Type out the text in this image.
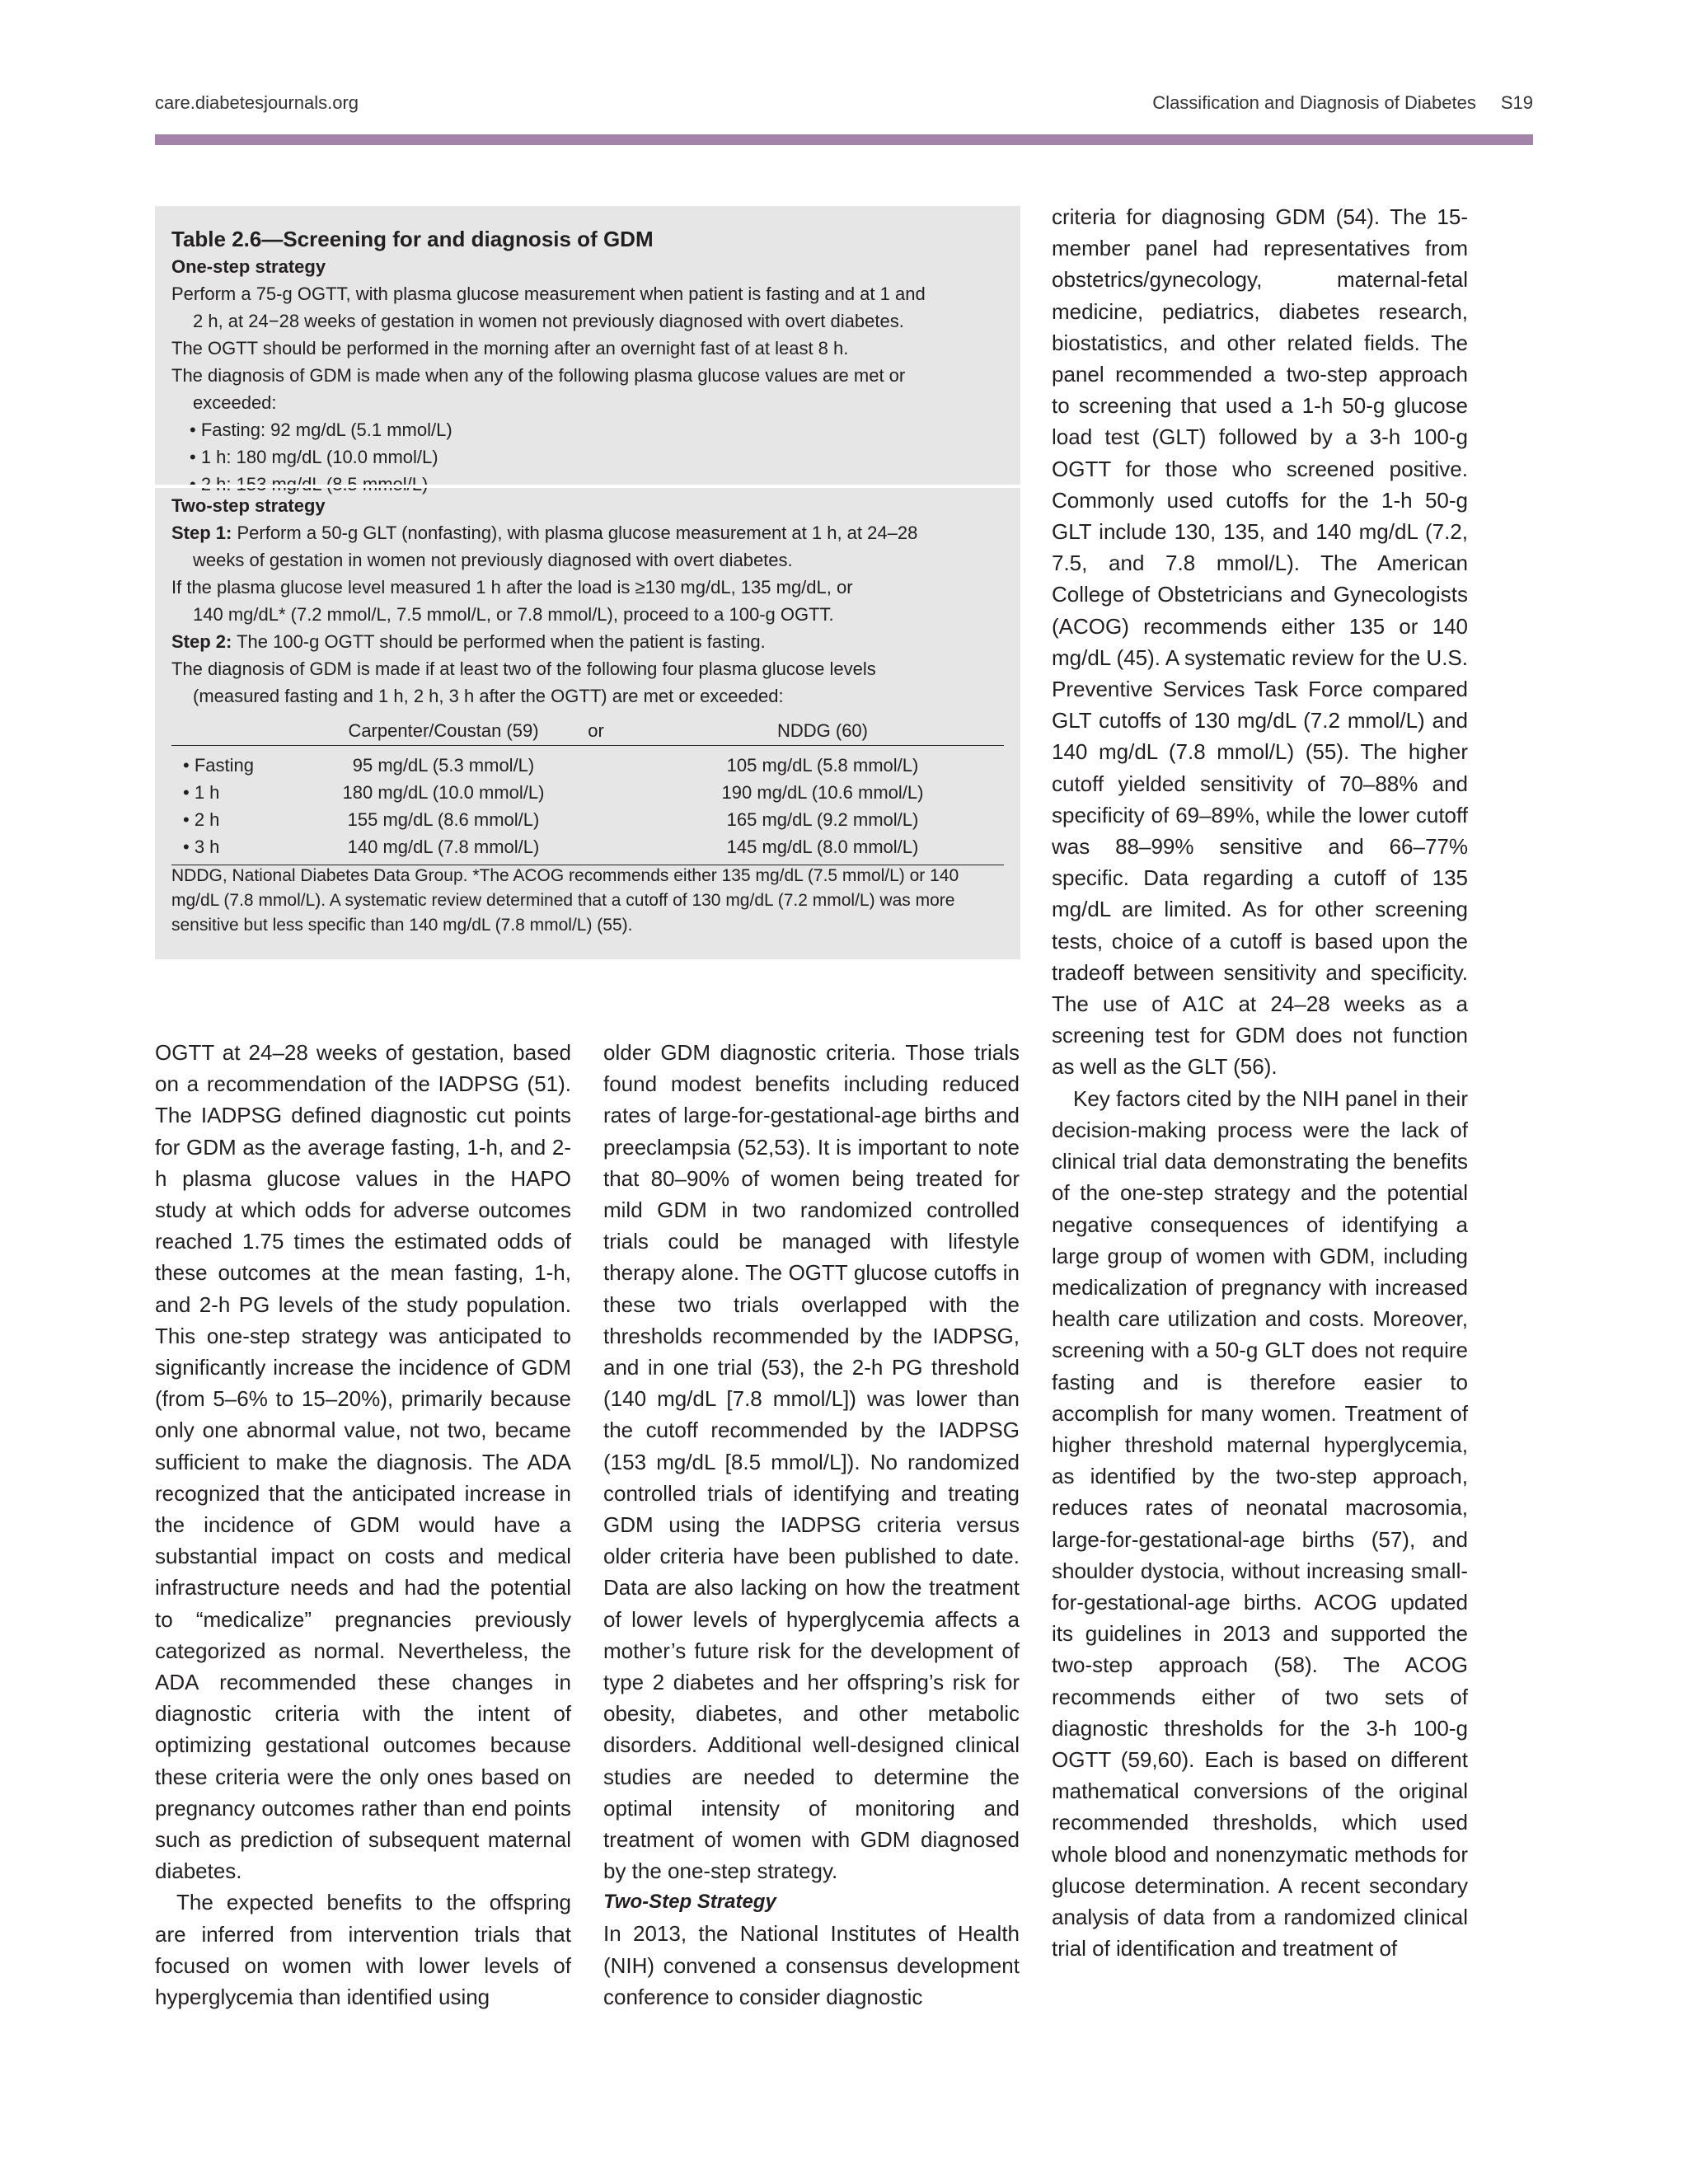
care.diabetesjournals.org	Classification and Diagnosis of Diabetes S19
Table 2.6—Screening for and diagnosis of GDM
One-step strategy
Perform a 75-g OGTT, with plasma glucose measurement when patient is fasting and at 1 and
2 h, at 24−28 weeks of gestation in women not previously diagnosed with overt diabetes.
The OGTT should be performed in the morning after an overnight fast of at least 8 h.
The diagnosis of GDM is made when any of the following plasma glucose values are met or
exceeded:
• Fasting: 92 mg/dL (5.1 mmol/L)
• 1 h: 180 mg/dL (10.0 mmol/L)
Two-step strategy
Step 1: Perform a 50-g GLT (nonfasting), with plasma glucose measurement at 1 h, at 24–28
weeks of gestation in women not previously diagnosed with overt diabetes.
If the plasma glucose level measured 1 h after the load is ≥130 mg/dL, 135 mg/dL, or
140 mg/dL* (7.2 mmol/L, 7.5 mmol/L, or 7.8 mmol/L), proceed to a 100-g OGTT.
Step 2: The 100-g OGTT should be performed when the patient is fasting.
The diagnosis of GDM is made if at least two of the following four plasma glucose levels
(measured fasting and 1 h, 2 h, 3 h after the OGTT) are met or exceeded:
	Carpenter/Coustan (59)	or	NDDG (60)
• Fasting	95 mg/dL (5.3 mmol/L)		105 mg/dL (5.8 mmol/L)
• 1 h	180 mg/dL (10.0 mmol/L)		190 mg/dL (10.6 mmol/L)
• 2 h	155 mg/dL (8.6 mmol/L)		165 mg/dL (9.2 mmol/L)
• 3 h	140 mg/dL (7.8 mmol/L)		145 mg/dL (8.0 mmol/L)
NDDG, National Diabetes Data Group. *The ACOG recommends either 135 mg/dL (7.5 mmol/L) or 140 mg/dL (7.8 mmol/L). A systematic review determined that a cutoff of 130 mg/dL (7.2 mmol/L) was more sensitive but less specific than 140 mg/dL (7.8 mmol/L) (55).

OGTT at 24–28 weeks of gestation, based on a recommendation of the IADPSG (51). The IADPSG defined diagnostic cut points for GDM as the average fasting, 1-h, and 2-h plasma glucose values in the HAPO study at which odds for adverse outcomes reached 1.75 times the estimated odds of these outcomes at the mean fasting, 1-h, and 2-h PG levels of the study population. This one-step strategy was anticipated to significantly increase the incidence of GDM (from 5–6% to 15–20%), primarily because only one abnormal value, not two, became sufficient to make the diagnosis. The ADA recognized that the anticipated increase in the incidence of GDM would have a substantial impact on costs and medical infrastructure needs and had the potential to “medicalize” pregnancies previously categorized as normal. Nevertheless, the ADA recommended these changes in diagnostic criteria with the intent of optimizing gestational outcomes because these criteria were the only ones based on pregnancy outcomes rather than end points such as prediction of subsequent maternal diabetes.

The expected benefits to the offspring are inferred from intervention trials that focused on women with lower levels of hyperglycemia than identified using

older GDM diagnostic criteria. Those trials found modest benefits including reduced rates of large-for-gestational-age births and preeclampsia (52,53). It is important to note that 80–90% of women being treated for mild GDM in two randomized controlled trials could be managed with lifestyle therapy alone. The OGTT glucose cutoffs in these two trials overlapped with the thresholds recommended by the IADPSG, and in one trial (53), the 2-h PG threshold (140 mg/dL [7.8 mmol/L]) was lower than the cutoff recommended by the IADPSG (153 mg/dL [8.5 mmol/L]). No randomized controlled trials of identifying and treating GDM using the IADPSG criteria versus older criteria have been published to date. Data are also lacking on how the treatment of lower levels of hyperglycemia affects a mother’s future risk for the development of type 2 diabetes and her offspring’s risk for obesity, diabetes, and other metabolic disorders. Additional well-designed clinical studies are needed to determine the optimal intensity of monitoring and treatment of women with GDM diagnosed by the one-step strategy.

Two-Step Strategy

In 2013, the National Institutes of Health (NIH) convened a consensus development conference to consider diagnostic

criteria for diagnosing GDM (54). The 15-member panel had representatives from obstetrics/gynecology, maternal-fetal medicine, pediatrics, diabetes research, biostatistics, and other related fields. The panel recommended a two-step approach to screening that used a 1-h 50-g glucose load test (GLT) followed by a 3-h 100-g OGTT for those who screened positive. Commonly used cutoffs for the 1-h 50-g GLT include 130, 135, and 140 mg/dL (7.2, 7.5, and 7.8 mmol/L). The American College of Obstetricians and Gynecologists (ACOG) recommends either 135 or 140 mg/dL (45). A systematic review for the U.S. Preventive Services Task Force compared GLT cutoffs of 130 mg/dL (7.2 mmol/L) and 140 mg/dL (7.8 mmol/L) (55). The higher cutoff yielded sensitivity of 70–88% and specificity of 69–89%, while the lower cutoff was 88–99% sensitive and 66–77% specific. Data regarding a cutoff of 135 mg/dL are limited. As for other screening tests, choice of a cutoff is based upon the tradeoff between sensitivity and specificity. The use of A1C at 24–28 weeks as a screening test for GDM does not function as well as the GLT (56).

Key factors cited by the NIH panel in their decision-making process were the lack of clinical trial data demonstrating the benefits of the one-step strategy and the potential negative consequences of identifying a large group of women with GDM, including medicalization of pregnancy with increased health care utilization and costs. Moreover, screening with a 50-g GLT does not require fasting and is therefore easier to accomplish for many women. Treatment of higher threshold maternal hyperglycemia, as identified by the two-step approach, reduces rates of neonatal macrosomia, large-for-gestational-age births (57), and shoulder dystocia, without increasing small-for-gestational-age births. ACOG updated its guidelines in 2013 and supported the two-step approach (58). The ACOG recommends either of two sets of diagnostic thresholds for the 3-h 100-g OGTT (59,60). Each is based on different mathematical conversions of the original recommended thresholds, which used whole blood and nonenzymatic methods for glucose determination. A recent secondary analysis of data from a randomized clinical trial of identification and treatment of
